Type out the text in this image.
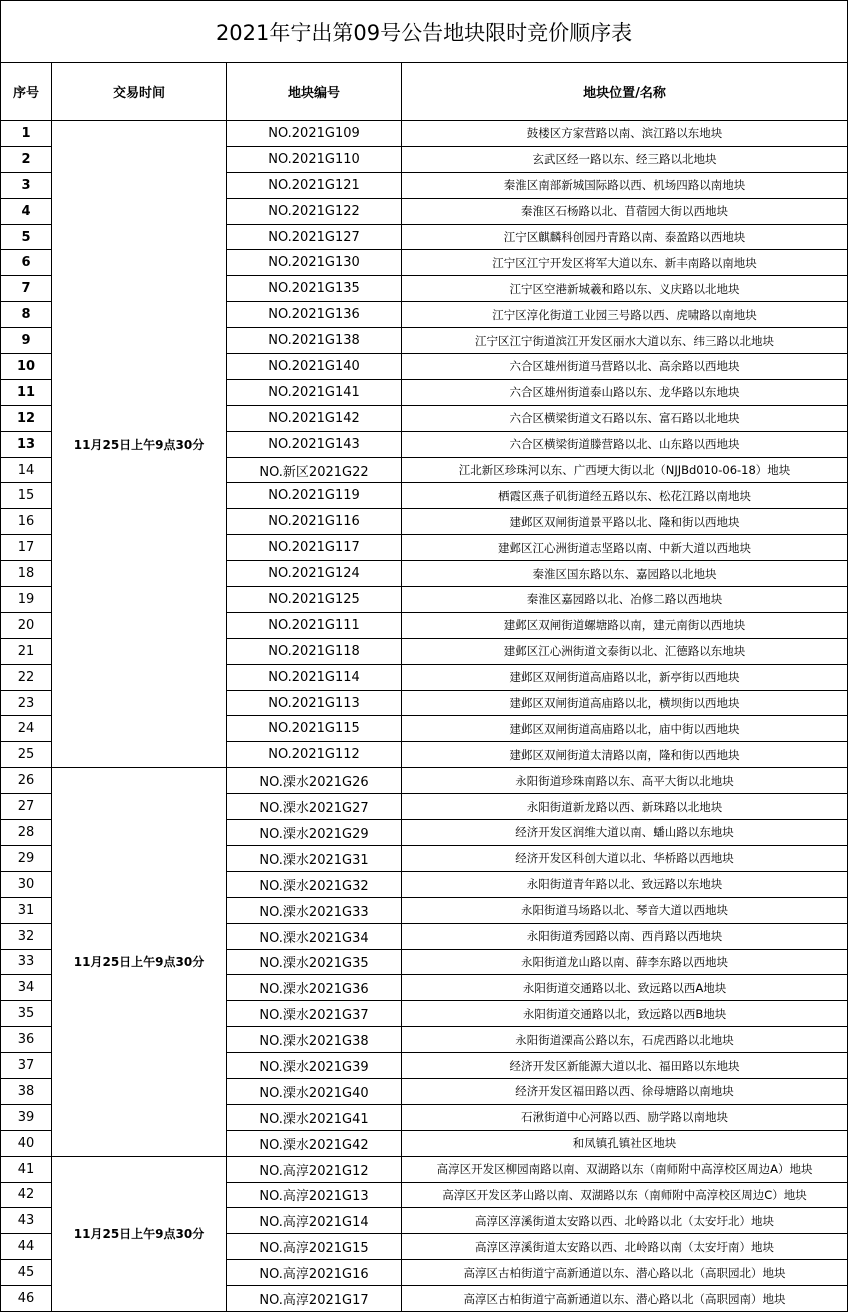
2021年宁出第09号公告地块限时竞价顺序表			
序号	交易时间	地块编号	地块位置/名称
1	11月25日上午9点30分	NO.2021G109	鼓楼区方家营路以南、滨江路以东地块
2		NO.2021G110	玄武区经一路以东、经三路以北地块
3		NO.2021G121	秦淮区南部新城国际路以西、机场四路以南地块
4		NO.2021G122	秦淮区石杨路以北、苜蓿园大街以西地块
5		NO.2021G127	江宁区麒麟科创园丹青路以南、泰盈路以西地块
6		NO.2021G130	江宁区江宁开发区将军大道以东、新丰南路以南地块
7		NO.2021G135	江宁区空港新城羲和路以东、义庆路以北地块
8		NO.2021G136	江宁区淳化街道工业园三号路以西、虎啸路以南地块
9		NO.2021G138	江宁区江宁街道滨江开发区丽水大道以东、纬三路以北地块
10		NO.2021G140	六合区雄州街道马营路以北、高余路以西地块
11		NO.2021G141	六合区雄州街道泰山路以东、龙华路以东地块
12		NO.2021G142	六合区横梁街道文石路以东、富石路以北地块
13		NO.2021G143	六合区横梁街道滕营路以北、山东路以西地块
14		NO.新区2021G22	江北新区珍珠河以东、广西埂大街以北（NJJBd010-06-18）地块
15		NO.2021G119	栖霞区燕子矶街道经五路以东、松花江路以南地块
16		NO.2021G116	建邺区双闸街道景平路以北、隆和街以西地块
17		NO.2021G117	建邺区江心洲街道志坚路以南、中新大道以西地块
18		NO.2021G124	秦淮区国东路以东、嘉园路以北地块
19		NO.2021G125	秦淮区嘉园路以北、冶修二路以西地块
20		NO.2021G111	建邺区双闸街道螺塘路以南，建元南街以西地块
21		NO.2021G118	建邺区江心洲街道文泰街以北、汇德路以东地块
22		NO.2021G114	建邺区双闸街道高庙路以北，新亭街以西地块
23		NO.2021G113	建邺区双闸街道高庙路以北，横坝街以西地块
24		NO.2021G115	建邺区双闸街道高庙路以北，庙中街以西地块
25		NO.2021G112	建邺区双闸街道太清路以南，隆和街以西地块
26	11月25日上午9点30分	NO.溧水2021G26	永阳街道珍珠南路以东、高平大街以北地块
27		NO.溧水2021G27	永阳街道新龙路以西、新珠路以北地块
28		NO.溧水2021G29	经济开发区润维大道以南、蟠山路以东地块
29		NO.溧水2021G31	经济开发区科创大道以北、华桥路以西地块
30		NO.溧水2021G32	永阳街道青年路以北、致远路以东地块
31		NO.溧水2021G33	永阳街道马场路以北、琴音大道以西地块
32		NO.溧水2021G34	永阳街道秀园路以南、西肖路以西地块
33		NO.溧水2021G35	永阳街道龙山路以南、薛李东路以西地块
34		NO.溧水2021G36	永阳街道交通路以北、致远路以西A地块
35		NO.溧水2021G37	永阳街道交通路以北，致远路以西B地块
36		NO.溧水2021G38	永阳街道溧高公路以东，石虎西路以北地块
37		NO.溧水2021G39	经济开发区新能源大道以北、福田路以东地块
38		NO.溧水2021G40	经济开发区福田路以西、徐母塘路以南地块
39		NO.溧水2021G41	石湫街道中心河路以西、励学路以南地块
40		NO.溧水2021G42	和凤镇孔镇社区地块
41	11月25日上午9点30分	NO.高淳2021G12	高淳区开发区柳园南路以南、双湖路以东（南师附中高淳校区周边A）地块
42		NO.高淳2021G13	高淳区开发区茅山路以南、双湖路以东（南师附中高淳校区周边C）地块
43		NO.高淳2021G14	高淳区淳溪街道太安路以西、北岭路以北（太安圩北）地块
44		NO.高淳2021G15	高淳区淳溪街道太安路以西、北岭路以南（太安圩南）地块
45		NO.高淳2021G16	高淳区古柏街道宁高新通道以东、潜心路以北（高职园北）地块
46		NO.高淳2021G17	高淳区古柏街道宁高新通道以东、潜心路以北（高职园南）地块
